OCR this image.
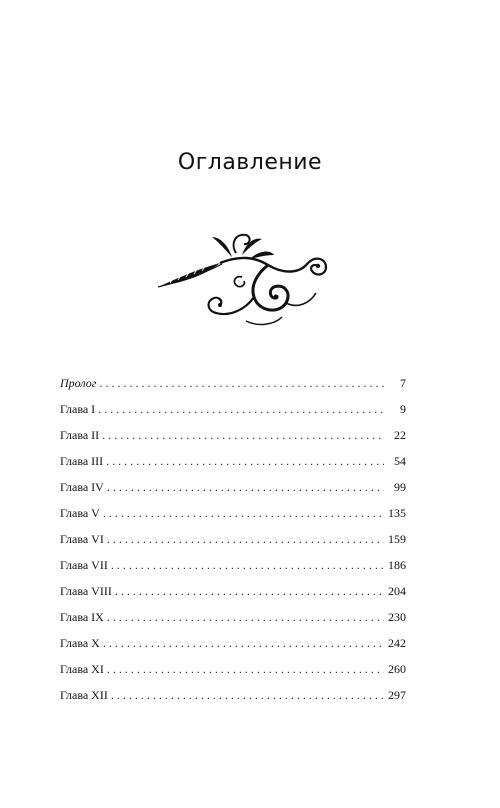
Оглавление
Пролог . . .	7
Глава I . . .	9
Глава II . . .	22
Глава III . . .	54
Глава IV . . .	99
Глава V . . .	135
Глава VI . . .	159
Глава VII . . .	186
Глава VIII . . .	204
Глава IX . . .	230
Глава X . . .	242
Глава XI . . .	260
Глава XII . . .	297
